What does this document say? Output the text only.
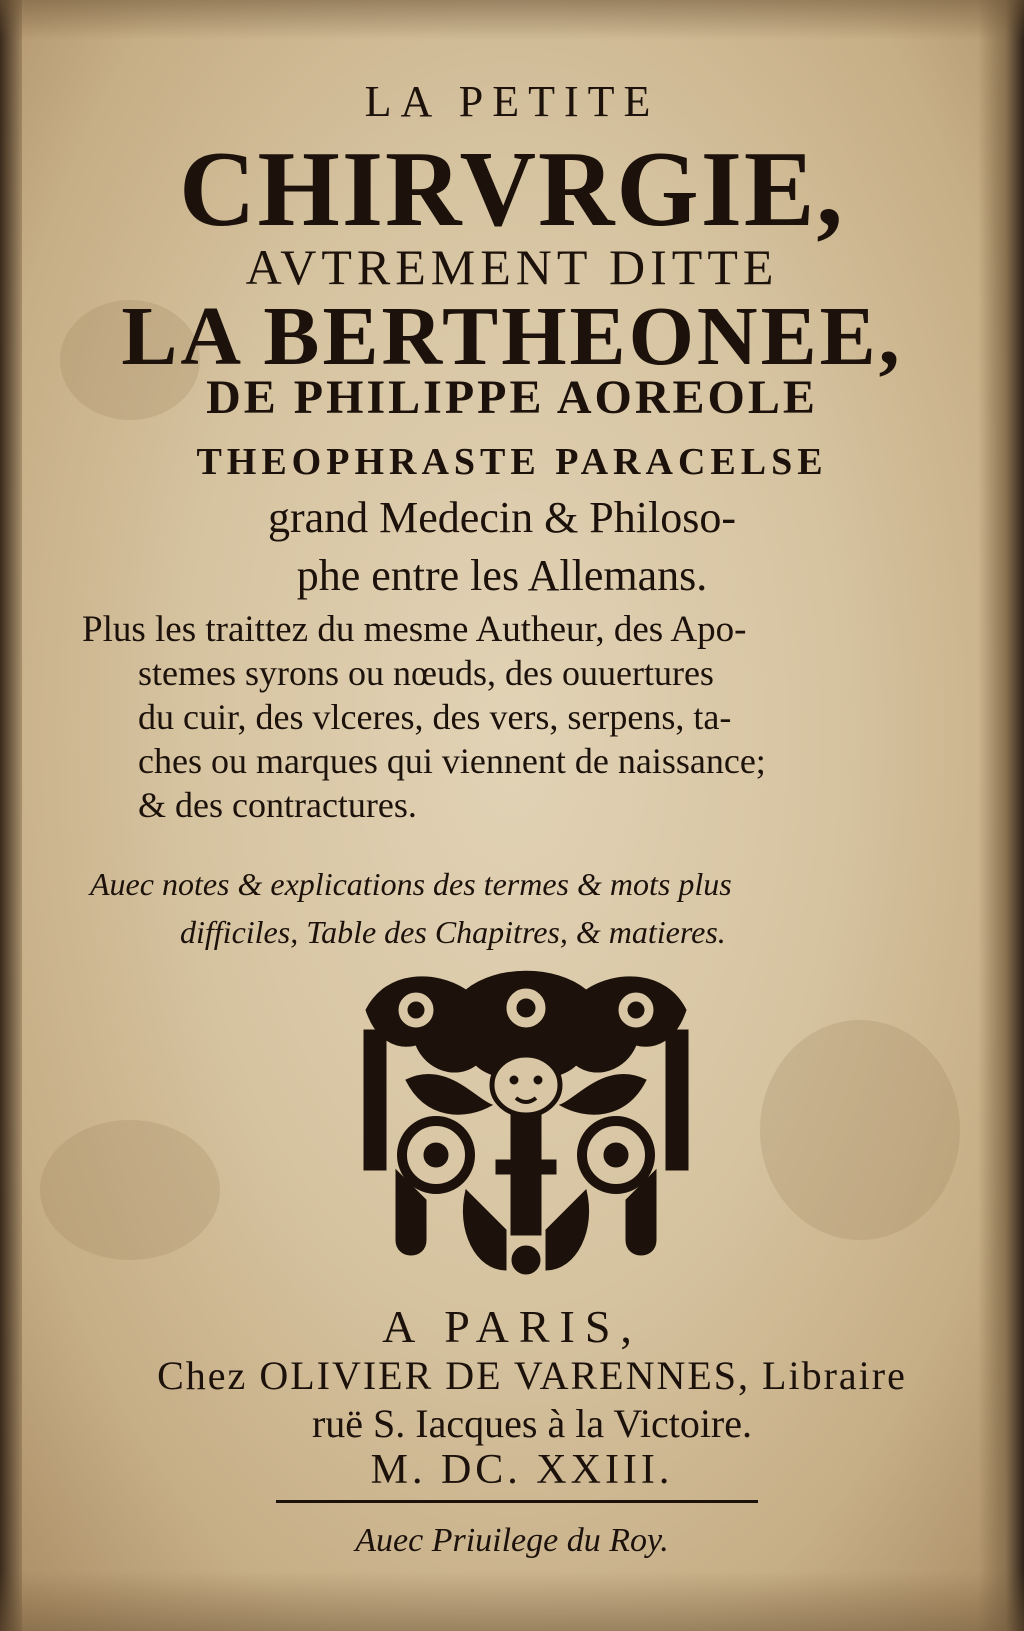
LA PETITE
CHIRVRGIE,
AVTREMENT DITTE
LA BERTHEONEE,
DE PHILIPPE AOREOLE
THEOPHRASTE PARACELSE
grand Medecin & Philoso-
phe entre les Allemans.
Plus les traittez du mesme Autheur, des Apo-
stemes syrons ou nœuds, des ouuertures
du cuir, des vlceres, des vers, serpens, ta-
ches ou marques qui viennent de naissance;
& des contractures.
Auec notes & explications des termes & mots plus
difficiles, Table des Chapitres, & matieres.
A PARIS,
Chez OLIVIER DE VARENNES, Libraire
ruë S. Iacques à la Victoire.
M. DC. XXIII.
Auec Priuilege du Roy.
